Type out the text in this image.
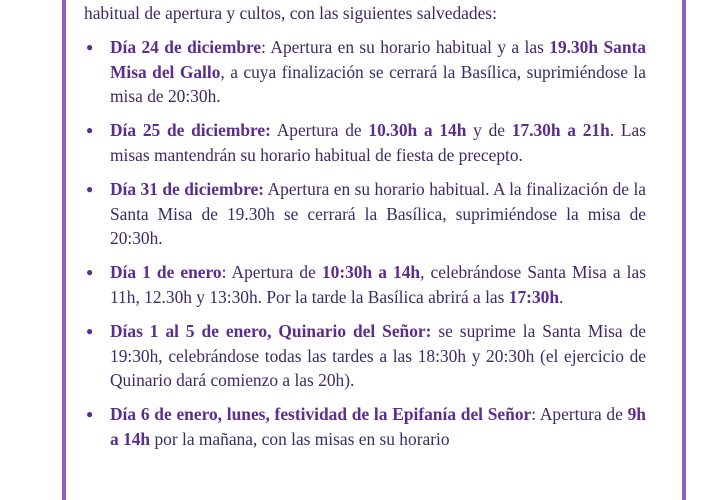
habitual de apertura y cultos, con las siguientes salvedades:

● Día 24 de diciembre: Apertura en su horario habitual y a las 19.30h Santa Misa del Gallo, a cuya finalización se cerrará la Basílica, suprimiéndose la misa de 20:30h.
● Día 25 de diciembre: Apertura de 10.30h a 14h y de 17.30h a 21h. Las misas mantendrán su horario habitual de fiesta de precepto.
● Día 31 de diciembre: Apertura en su horario habitual. A la finalización de la Santa Misa de 19.30h se cerrará la Basílica, suprimiéndose la misa de 20:30h.
● Día 1 de enero: Apertura de 10:30h a 14h, celebrándose Santa Misa a las 11h, 12.30h y 13:30h. Por la tarde la Basílica abrirá a las 17:30h.
● Días 1 al 5 de enero, Quinario del Señor: se suprime la Santa Misa de 19:30h, celebrándose todas las tardes a las 18:30h y 20:30h (el ejercicio de Quinario dará comienzo a las 20h).
● Día 6 de enero, lunes, festividad de la Epifanía del Señor: Apertura de 9h a 14h por la mañana, con las misas en su horario
